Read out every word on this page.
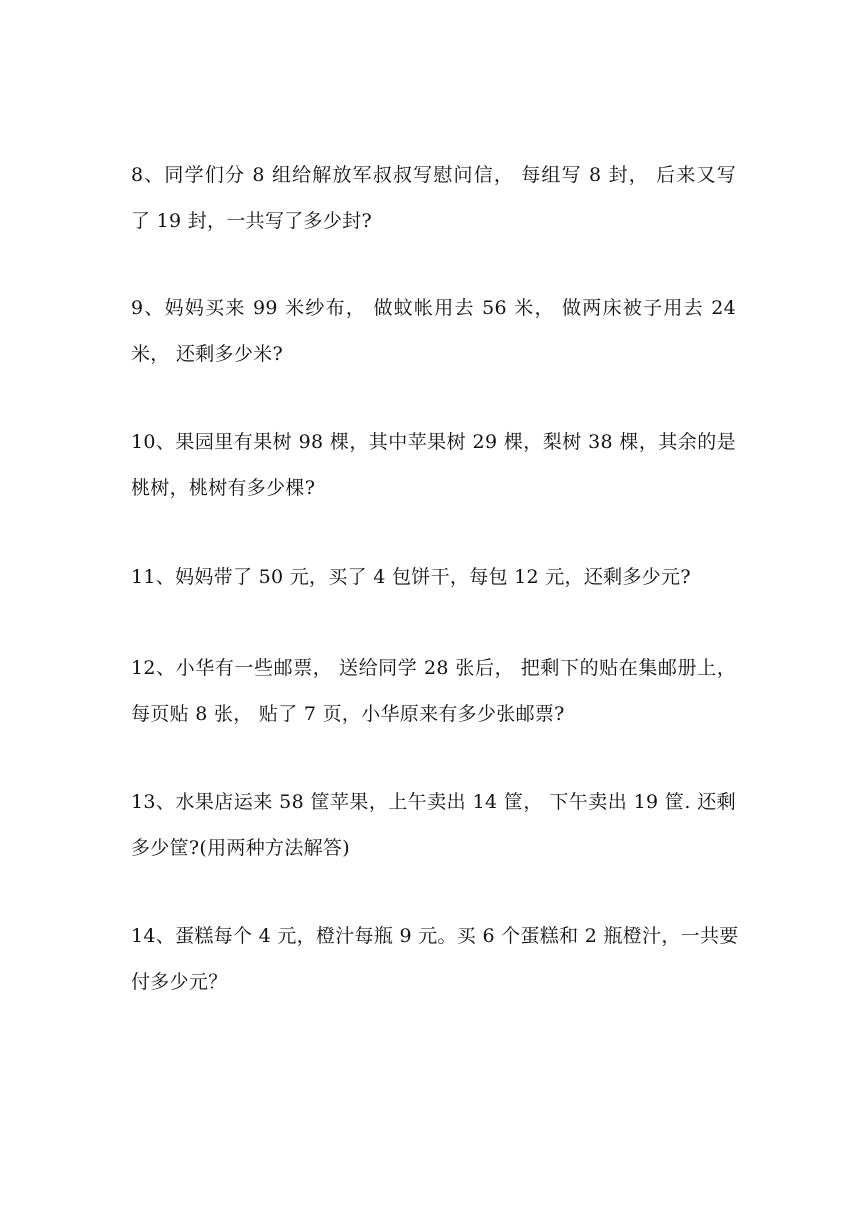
8、同学们分 8 组给解放军叔叔写慰问信， 每组写 8 封， 后来又写
了 19 封，一共写了多少封?
9、妈妈买来 99 米纱布， 做蚊帐用去 56 米， 做两床被子用去 24
米， 还剩多少米?
10、果园里有果树 98 棵，其中苹果树 29 棵，梨树 38 棵，其余的是
桃树，桃树有多少棵?
11、妈妈带了 50 元，买了 4 包饼干，每包 12 元，还剩多少元?
12、小华有一些邮票， 送给同学 28 张后， 把剩下的贴在集邮册上，
每页贴 8 张， 贴了 7 页，小华原来有多少张邮票?
13、水果店运来 58 筐苹果，上午卖出 14 筐， 下午卖出 19 筐. 还剩
多少筐?(用两种方法解答)
14、蛋糕每个 4 元，橙汁每瓶 9 元。买 6 个蛋糕和 2 瓶橙汁，一共要
付多少元？
